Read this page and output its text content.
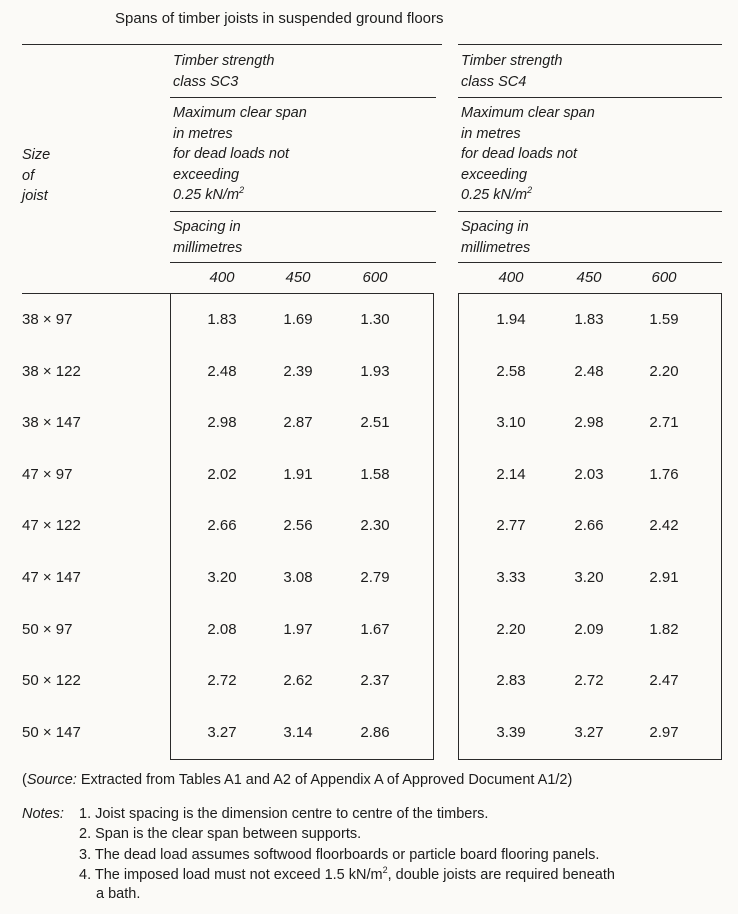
Spans of timber joists in suspended ground floors
Size
of
joist
Timber strength
class SC3
Maximum clear span
in metres
for dead loads not
exceeding
0.25 $kN/m^2$
Spacing in
millimetres
400	450	600
Timber strength
class SC4
Maximum clear span
in metres
for dead loads not
exceeding
0.25 $kN/m^2$
Spacing in
millimetres
400	450	600
38 × 97	1.83	1.69	1.30	1.94	1.83	1.59
38 × 122	2.48	2.39	1.93	2.58	2.48	2.20
38 × 147	2.98	2.87	2.51	3.10	2.98	2.71
47 × 97	2.02	1.91	1.58	2.14	2.03	1.76
47 × 122	2.66	2.56	2.30	2.77	2.66	2.42
47 × 147	3.20	3.08	2.79	3.33	3.20	2.91
50 × 97	2.08	1.97	1.67	2.20	2.09	1.82
50 × 122	2.72	2.62	2.37	2.83	2.72	2.47
50 × 147	3.27	3.14	2.86	3.39	3.27	2.97
(Source: Extracted from Tables A1 and A2 of Appendix A of Approved Document A1/2)
Notes: 1. Joist spacing is the dimension centre to centre of the timbers.
2. Span is the clear span between supports.
3. The dead load assumes softwood floorboards or particle board flooring panels.
4. The imposed load must not exceed 1.5 $kN/m^2$, double joists are required beneath
a bath.
